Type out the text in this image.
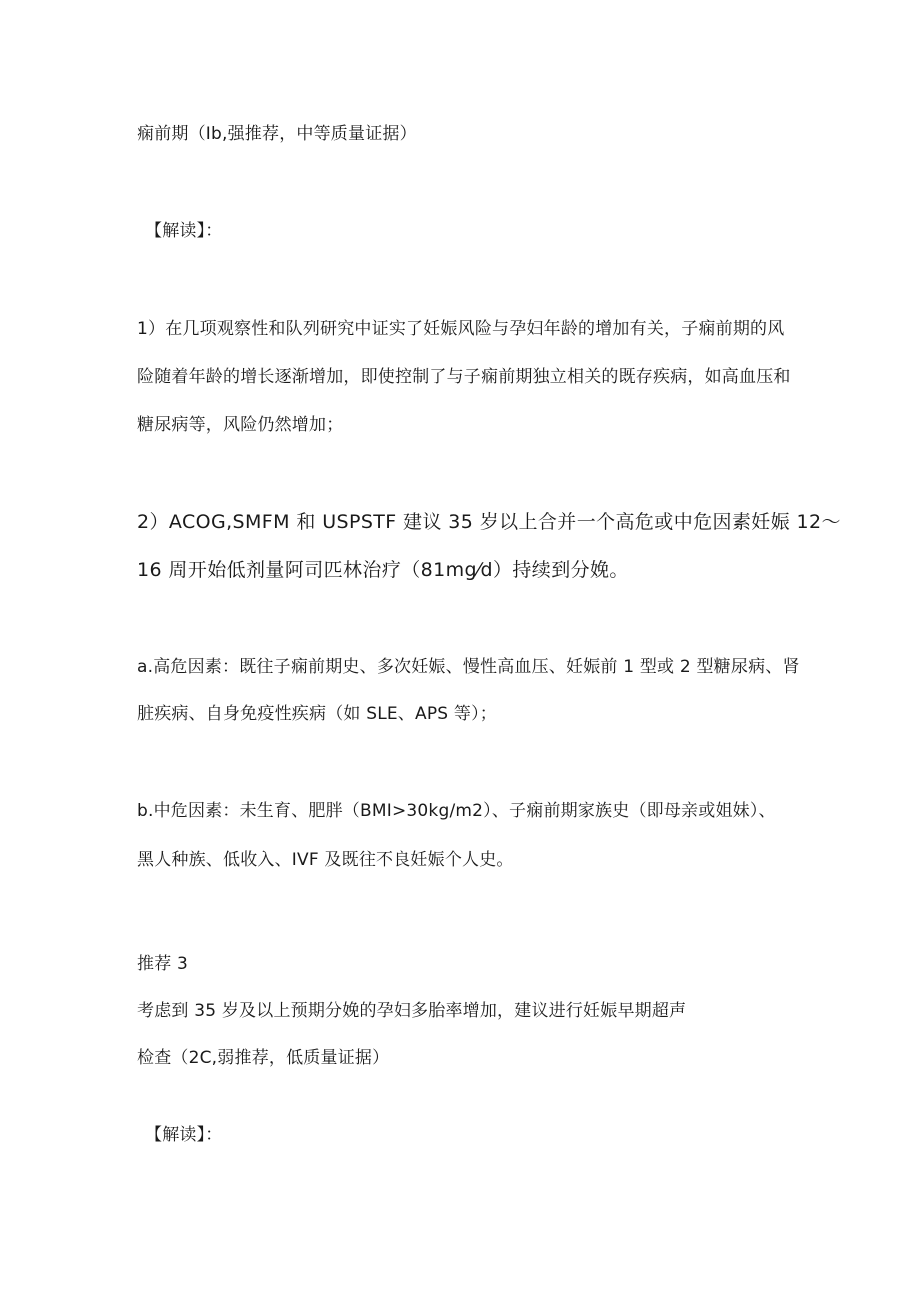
痫前期（Ib,强推荐，中等质量证据）
【解读】：
1）在几项观察性和队列研究中证实了妊娠风险与孕妇年龄的增加有关，子痫前期的风
险随着年龄的增长逐渐增加，即使控制了与子痫前期独立相关的既存疾病，如高血压和
糖尿病等，风险仍然增加；
2）ACOG,SMFM 和 USPSTF 建议 35 岁以上合并一个高危或中危因素妊娠 12～
16 周开始低剂量阿司匹林治疗（81mg⁄d）持续到分娩。
a.高危因素：既往子痫前期史、多次妊娠、慢性高血压、妊娠前 1 型或 2 型糖尿病、肾
脏疾病、自身免疫性疾病（如 SLE、APS 等）；
b.中危因素：未生育、肥胖（BMI>30kg/m2）、子痫前期家族史（即母亲或姐妹）、
黑人种族、低收入、IVF 及既往不良妊娠个人史。
推荐 3
考虑到 35 岁及以上预期分娩的孕妇多胎率增加，建议进行妊娠早期超声
检查（2C,弱推荐，低质量证据）
【解读】：
